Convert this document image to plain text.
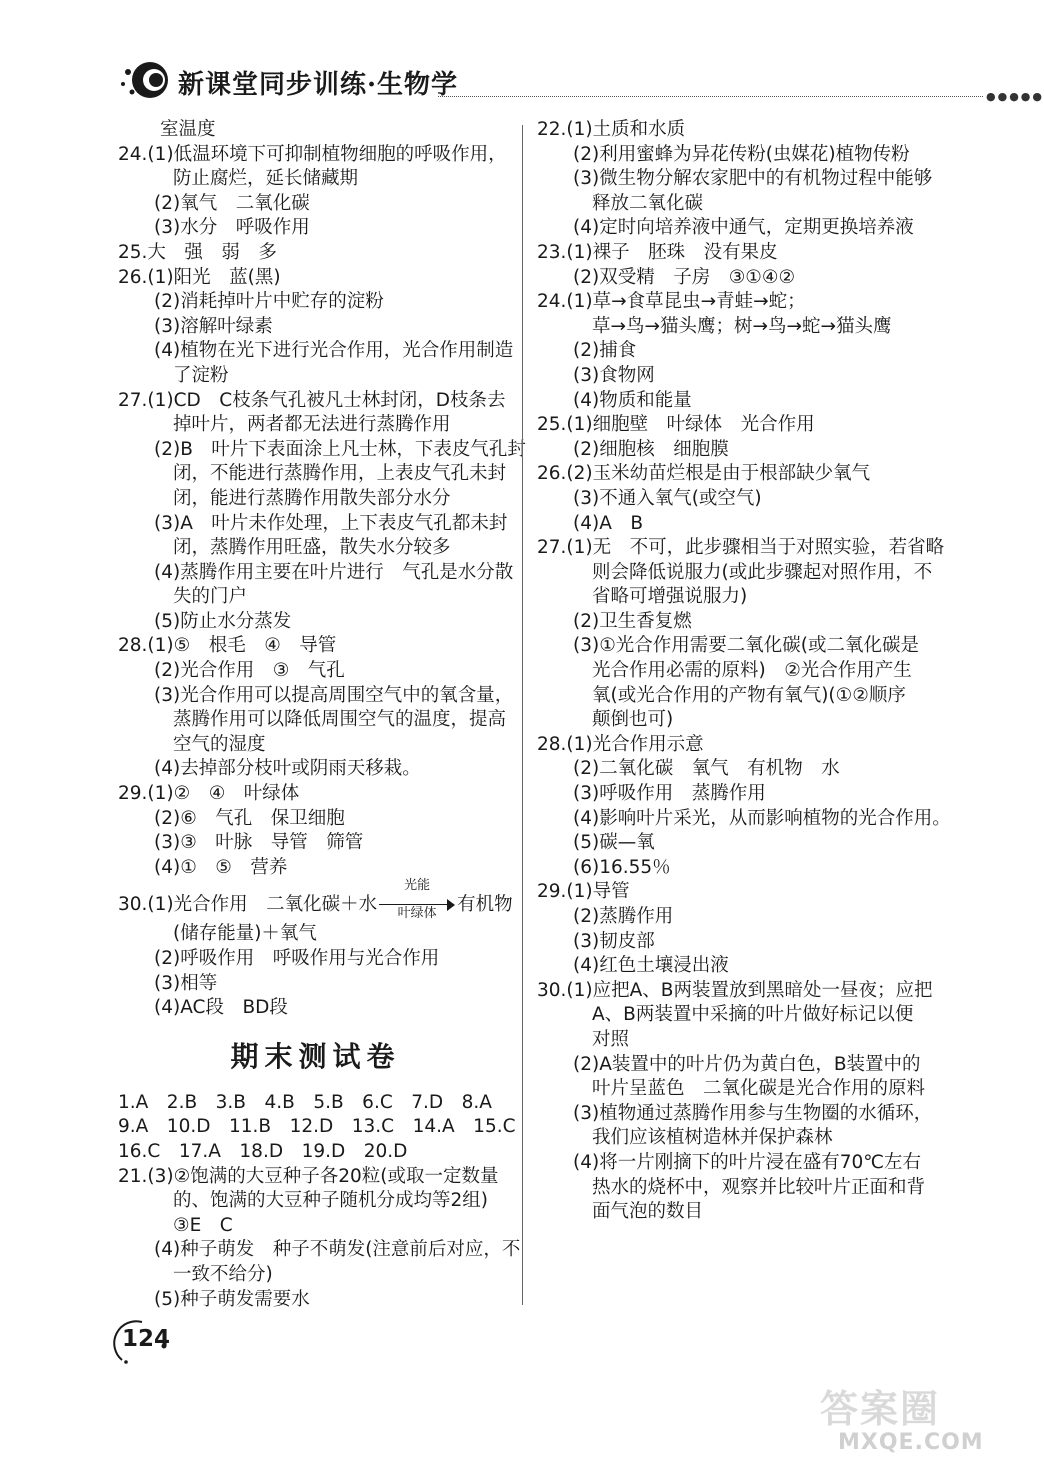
新课堂同步训练·生物学	●●●●●
室温度
24.(1)低温环境下可抑制植物细胞的呼吸作用，
防止腐烂，延长储藏期
(2)氧气　二氧化碳
(3)水分　呼吸作用
25.大　强　弱　多
26.(1)阳光　蓝(黑)
(2)消耗掉叶片中贮存的淀粉
(3)溶解叶绿素
(4)植物在光下进行光合作用，光合作用制造
了淀粉
27.(1)CD　C枝条气孔被凡士林封闭，D枝条去
掉叶片，两者都无法进行蒸腾作用
(2)B　叶片下表面涂上凡士林，下表皮气孔封
闭，不能进行蒸腾作用，上表皮气孔未封
闭，能进行蒸腾作用散失部分水分
(3)A　叶片未作处理，上下表皮气孔都未封
闭，蒸腾作用旺盛，散失水分较多
(4)蒸腾作用主要在叶片进行　气孔是水分散
失的门户
(5)防止水分蒸发
28.(1)⑤　根毛　④　导管
(2)光合作用　③　气孔
(3)光合作用可以提高周围空气中的氧含量，
蒸腾作用可以降低周围空气的温度，提高
空气的湿度
(4)去掉部分枝叶或阴雨天移栽。
29.(1)②　④　叶绿体
(2)⑥　气孔　保卫细胞
(3)③　叶脉　导管　筛管
(4)①　⑤　营养
30.(1)光合作用　二氧化碳＋水
光能
叶绿体	有机物
(储存能量)＋氧气
(2)呼吸作用　呼吸作用与光合作用
(3)相等
(4)AC段　BD段
期末测试卷
1.A　2.B　3.B　4.B　5.B　6.C　7.D　8.A
9.A　10.D　11.B　12.D　13.C　14.A　15.C
16.C　17.A　18.D　19.D　20.D
21.(3)②饱满的大豆种子各20粒(或取一定数量
的、饱满的大豆种子随机分成均等2组)
③E　C
(4)种子萌发　种子不萌发(注意前后对应，不
一致不给分)
(5)种子萌发需要水
22.(1)土质和水质
(2)利用蜜蜂为异花传粉(虫媒花)植物传粉
(3)微生物分解农家肥中的有机物过程中能够
释放二氧化碳
(4)定时向培养液中通气，定期更换培养液
23.(1)裸子　胚珠　没有果皮
(2)双受精　子房　③①④②
24.(1)草→食草昆虫→青蛙→蛇；
草→鸟→猫头鹰；树→鸟→蛇→猫头鹰
(2)捕食
(3)食物网
(4)物质和能量
25.(1)细胞壁　叶绿体　光合作用
(2)细胞核　细胞膜
26.(2)玉米幼苗烂根是由于根部缺少氧气
(3)不通入氧气(或空气)
(4)A　B
27.(1)无　不可，此步骤相当于对照实验，若省略
则会降低说服力(或此步骤起对照作用，不
省略可增强说服力)
(2)卫生香复燃
(3)①光合作用需要二氧化碳(或二氧化碳是
光合作用必需的原料)　②光合作用产生
氧(或光合作用的产物有氧气)(①②顺序
颠倒也可)
28.(1)光合作用示意
(2)二氧化碳　氧气　有机物　水
(3)呼吸作用　蒸腾作用
(4)影响叶片采光，从而影响植物的光合作用。
(5)碳—氧
(6)16.55％
29.(1)导管
(2)蒸腾作用
(3)韧皮部
(4)红色土壤浸出液
30.(1)应把A、B两装置放到黑暗处一昼夜；应把
A、B两装置中采摘的叶片做好标记以便
对照
(2)A装置中的叶片仍为黄白色，B装置中的
叶片呈蓝色　二氧化碳是光合作用的原料
(3)植物通过蒸腾作用参与生物圈的水循环，
我们应该植树造林并保护森林
(4)将一片刚摘下的叶片浸在盛有70℃左右
热水的烧杯中，观察并比较叶片正面和背
面气泡的数目
124
答案圈
MXQE.COM
